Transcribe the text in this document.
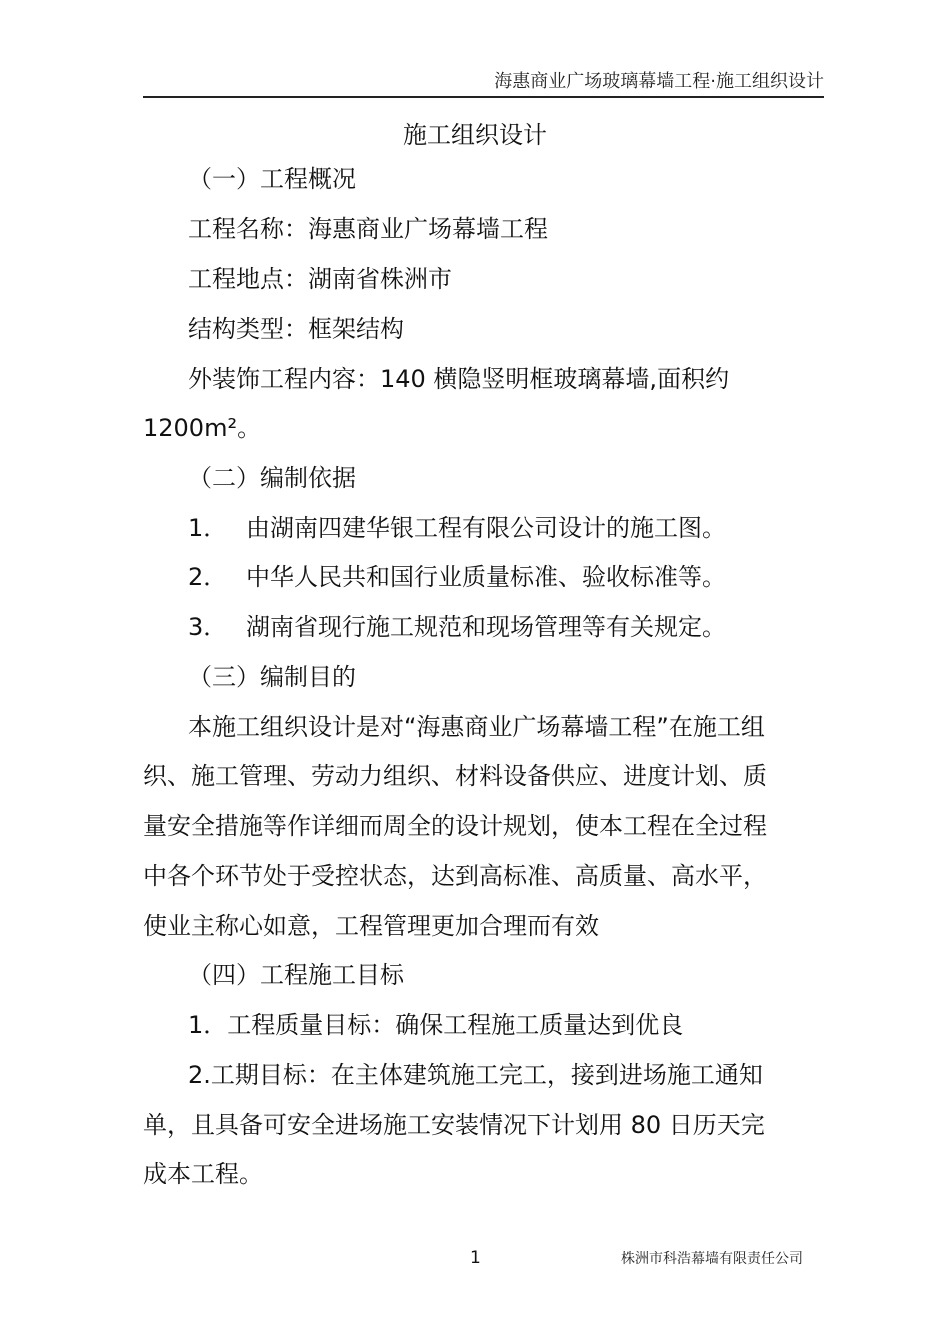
海惠商业广场玻璃幕墙工程·施工组织设计
施工组织设计
（一）工程概况
工程名称：海惠商业广场幕墙工程
工程地点：湖南省株洲市
结构类型：框架结构
外装饰工程内容：140 横隐竖明框玻璃幕墙,面积约
1200m²。
（二）编制依据
1． 由湖南四建华银工程有限公司设计的施工图。
2． 中华人民共和国行业质量标准、验收标准等。
3． 湖南省现行施工规范和现场管理等有关规定。
（三）编制目的
本施工组织设计是对“海惠商业广场幕墙工程”在施工组
织、施工管理、劳动力组织、材料设备供应、进度计划、质
量安全措施等作详细而周全的设计规划，使本工程在全过程
中各个环节处于受控状态，达到高标准、高质量、高水平，
使业主称心如意，工程管理更加合理而有效
（四）工程施工目标
1．工程质量目标：确保工程施工质量达到优良
2.工期目标：在主体建筑施工完工，接到进场施工通知
单，且具备可安全进场施工安装情况下计划用 80 日历天完
成本工程。
1	株洲市科浩幕墙有限责任公司
